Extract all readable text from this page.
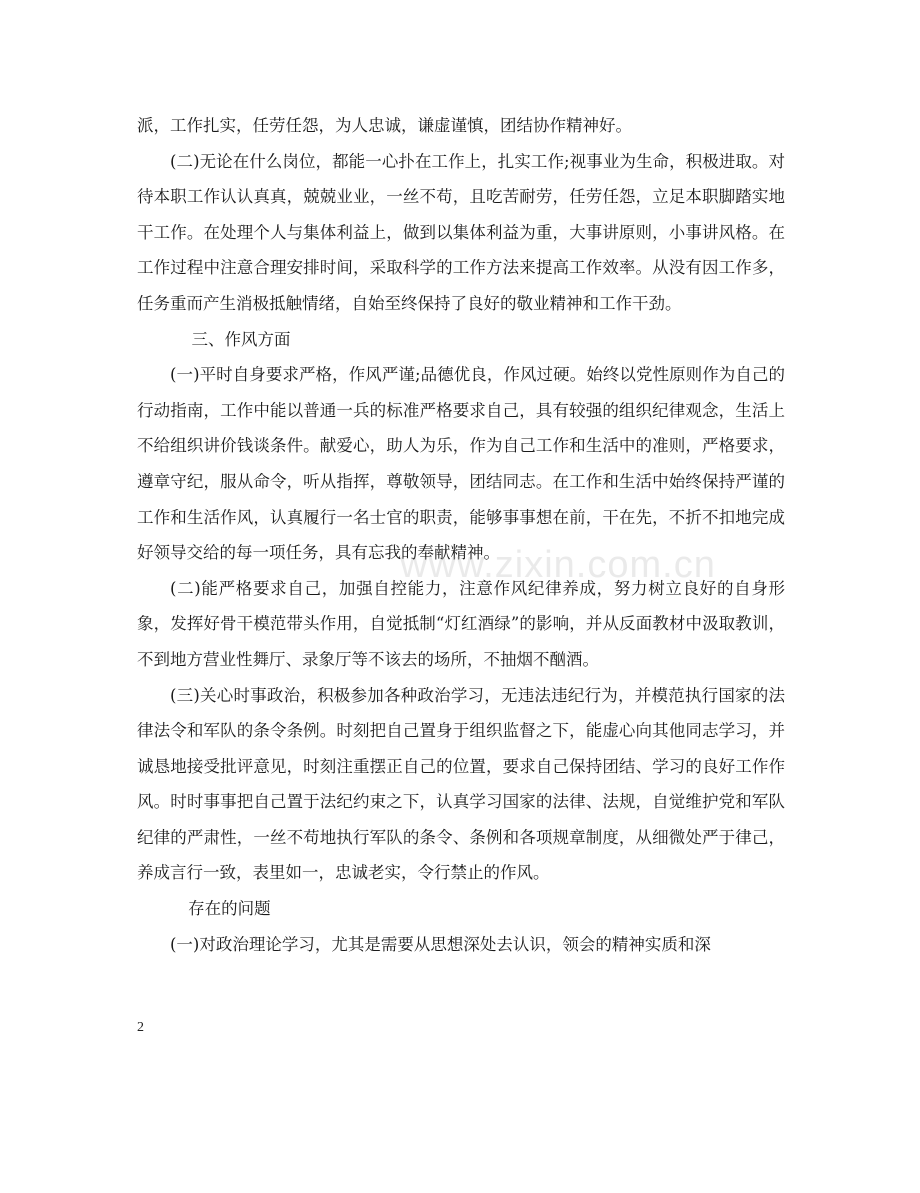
派，工作扎实，任劳任怨，为人忠诚，谦虚谨慎，团结协作精神好。

(二)无论在什么岗位，都能一心扑在工作上，扎实工作;视事业为生命，积极进取。对待本职工作认认真真，兢兢业业，一丝不苟，且吃苦耐劳，任劳任怨，立足本职脚踏实地干工作。在处理个人与集体利益上，做到以集体利益为重，大事讲原则，小事讲风格。在工作过程中注意合理安排时间，采取科学的工作方法来提高工作效率。从没有因工作多，任务重而产生消极抵触情绪，自始至终保持了良好的敬业精神和工作干劲。

三、作风方面

(一)平时自身要求严格，作风严谨;品德优良，作风过硬。始终以党性原则作为自己的行动指南，工作中能以普通一兵的标准严格要求自己，具有较强的组织纪律观念，生活上不给组织讲价钱谈条件。献爱心，助人为乐，作为自己工作和生活中的准则，严格要求，遵章守纪，服从命令，听从指挥，尊敬领导，团结同志。在工作和生活中始终保持严谨的工作和生活作风，认真履行一名士官的职责，能够事事想在前，干在先，不折不扣地完成好领导交给的每一项任务，具有忘我的奉献精神。

(二)能严格要求自己，加强自控能力，注意作风纪律养成，努力树立良好的自身形象，发挥好骨干模范带头作用，自觉抵制“灯红酒绿”的影响，并从反面教材中汲取教训，不到地方营业性舞厅、录象厅等不该去的场所，不抽烟不酗酒。

(三)关心时事政治，积极参加各种政治学习，无违法违纪行为，并模范执行国家的法律法令和军队的条令条例。时刻把自己置身于组织监督之下，能虚心向其他同志学习，并诚恳地接受批评意见，时刻注重摆正自己的位置，要求自己保持团结、学习的良好工作作风。时时事事把自己置于法纪约束之下，认真学习国家的法律、法规，自觉维护党和军队纪律的严肃性，一丝不苟地执行军队的条令、条例和各项规章制度，从细微处严于律己，养成言行一致，表里如一，忠诚老实，令行禁止的作风。

存在的问题

(一)对政治理论学习，尤其是需要从思想深处去认识，领会的精神实质和深

www.zixin.com.cn
2
